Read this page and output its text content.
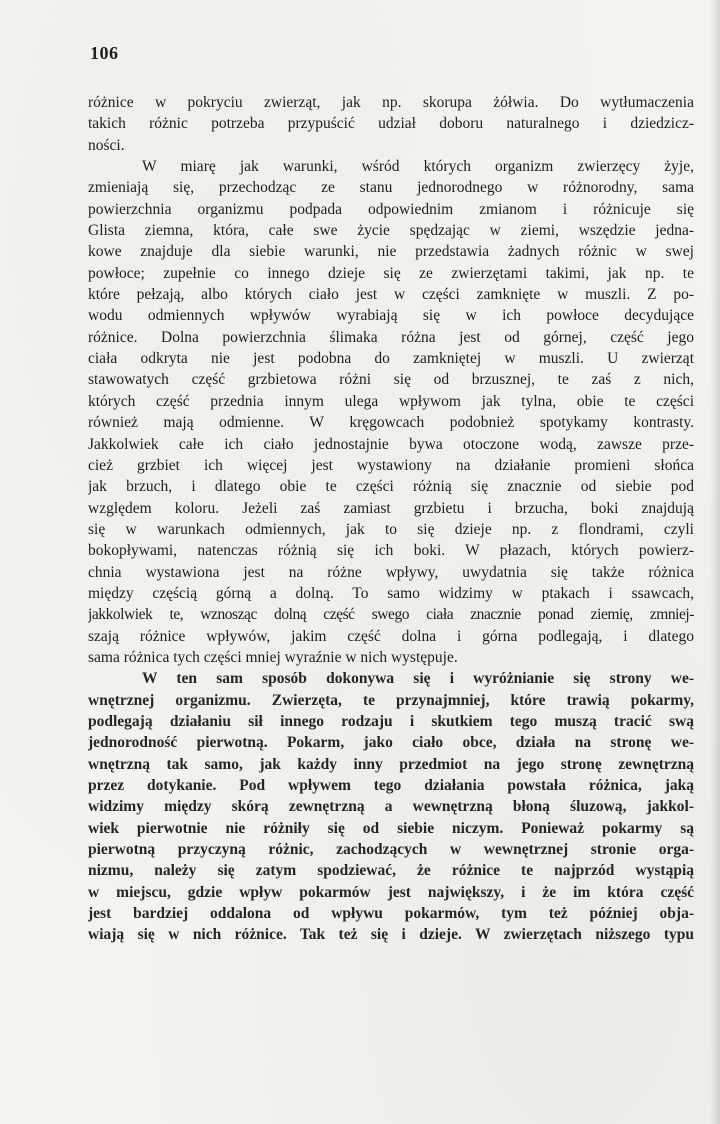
106
różnice w pokryciu zwierząt, jak np. skorupa żółwia. Do wytłumaczenia
takich różnic potrzeba przypuścić udział doboru naturalnego i dziedzicz-
ności.
W miarę jak warunki, wśród których organizm zwierzęcy żyje,
zmieniają się, przechodząc ze stanu jednorodnego w różnorodny, sama
powierzchnia organizmu podpada odpowiednim zmianom i różnicuje się
Glista ziemna, która, całe swe życie spędzając w ziemi, wszędzie jedna-
kowe znajduje dla siebie warunki, nie przedstawia żadnych różnic w swej
powłoce; zupełnie co innego dzieje się ze zwierzętami takimi, jak np. te
które pełzają, albo których ciało jest w części zamknięte w muszli. Z po-
wodu odmiennych wpływów wyrabiają się w ich powłoce decydujące
różnice. Dolna powierzchnia ślimaka różna jest od górnej, część jego
ciała odkryta nie jest podobna do zamkniętej w muszli. U zwierząt
stawowatych część grzbietowa różni się od brzusznej, te zaś z nich,
których część przednia innym ulega wpływom jak tylna, obie te części
również mają odmienne. W kręgowcach podobnież spotykamy kontrasty.
Jakkolwiek całe ich ciało jednostajnie bywa otoczone wodą, zawsze prze-
cież grzbiet ich więcej jest wystawiony na działanie promieni słońca
jak brzuch, i dlatego obie te części różnią się znacznie od siebie pod
względem koloru. Jeżeli zaś zamiast grzbietu i brzucha, boki znajdują
się w warunkach odmiennych, jak to się dzieje np. z flondrami, czyli
bokopływami, natenczas różnią się ich boki. W płazach, których powierz-
chnia wystawiona jest na różne wpływy, uwydatnia się także różnica
między częścią górną a dolną. To samo widzimy w ptakach i ssawcach,
jakkolwiek te, wznosząc dolną część swego ciała znacznie ponad ziemię, zmniej-
szają różnice wpływów, jakim część dolna i górna podlegają, i dlatego
sama różnica tych części mniej wyraźnie w nich występuje.
W ten sam sposób dokonywa się i wyróżnianie się strony we-
wnętrznej organizmu. Zwierzęta, te przynajmniej, które trawią pokarmy,
podlegają działaniu sił innego rodzaju i skutkiem tego muszą tracić swą
jednorodność pierwotną. Pokarm, jako ciało obce, działa na stronę we-
wnętrzną tak samo, jak każdy inny przedmiot na jego stronę zewnętrzną
przez dotykanie. Pod wpływem tego działania powstała różnica, jaką
widzimy między skórą zewnętrzną a wewnętrzną błoną śluzową, jakkol-
wiek pierwotnie nie różniły się od siebie niczym. Ponieważ pokarmy są
pierwotną przyczyną różnic, zachodzących w wewnętrznej stronie orga-
nizmu, należy się zatym spodziewać, że różnice te najprzód wystąpią
w miejscu, gdzie wpływ pokarmów jest największy, i że im która część
jest bardziej oddalona od wpływu pokarmów, tym też później obja-
wiają się w nich różnice. Tak też się i dzieje. W zwierzętach niższego typu
